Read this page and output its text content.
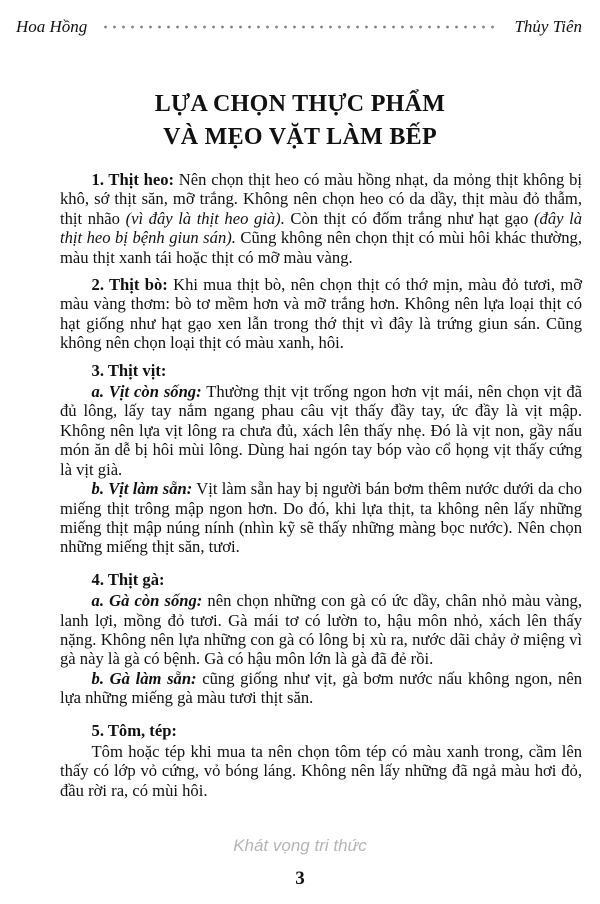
Hoa Hồng	Thủy Tiên
LỰA CHỌN THỰC PHẨM
VÀ MẸO VẶT LÀM BẾP

1. Thịt heo: Nên chọn thịt heo có màu hồng nhạt, da mỏng thịt không bị khô, sớ thịt săn, mỡ trắng. Không nên chọn heo có da dầy, thịt màu đỏ thẫm, thịt nhão (vì đây là thịt heo già). Còn thịt có đốm trắng như hạt gạo (đây là thịt heo bị bệnh giun sán). Cũng không nên chọn thịt có mùi hôi khác thường, màu thịt xanh tái hoặc thịt có mỡ màu vàng.

2. Thịt bò: Khi mua thịt bò, nên chọn thịt có thớ mịn, màu đỏ tươi, mỡ màu vàng thơm: bò tơ mềm hơn và mỡ trắng hơn. Không nên lựa loại thịt có hạt giống như hạt gạo xen lẫn trong thớ thịt vì đây là trứng giun sán. Cũng không nên chọn loại thịt có màu xanh, hôi.

3. Thịt vịt:

a. Vịt còn sống: Thường thịt vịt trống ngon hơn vịt mái, nên chọn vịt đã đủ lông, lấy tay nắm ngang phau câu vịt thấy đầy tay, ức đầy là vịt mập. Không nên lựa vịt lông ra chưa đủ, xách lên thấy nhẹ. Đó là vịt non, gầy nấu món ăn dễ bị hôi mùi lông. Dùng hai ngón tay bóp vào cổ họng vịt thấy cứng là vịt già.

b. Vịt làm sẵn: Vịt làm sẵn hay bị người bán bơm thêm nước dưới da cho miếng thịt trông mập ngon hơn. Do đó, khi lựa thịt, ta không nên lấy những miếng thịt mập núng nính (nhìn kỹ sẽ thấy những màng bọc nước). Nên chọn những miếng thịt săn, tươi.

4. Thịt gà:

a. Gà còn sống: nên chọn những con gà có ức dầy, chân nhỏ màu vàng, lanh lợi, mồng đỏ tươi. Gà mái tơ có lườn to, hậu môn nhỏ, xách lên thấy nặng. Không nên lựa những con gà có lông bị xù ra, nước dãi chảy ở miệng vì gà này là gà có bệnh. Gà có hậu môn lớn là gà đã đẻ rồi.

b. Gà làm sẵn: cũng giống như vịt, gà bơm nước nấu không ngon, nên lựa những miếng gà màu tươi thịt săn.

5. Tôm, tép:

Tôm hoặc tép khi mua ta nên chọn tôm tép có màu xanh trong, cầm lên thấy có lớp vỏ cứng, vỏ bóng láng. Không nên lấy những đã ngả màu hơi đỏ, đầu rời ra, có mùi hôi.

Khát vọng tri thức
3
